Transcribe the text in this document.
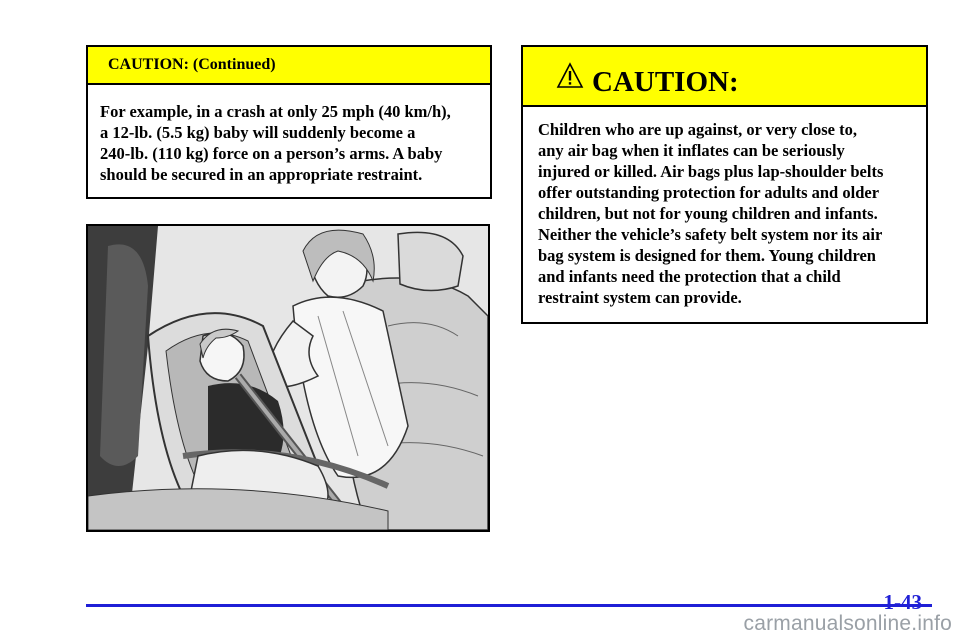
CAUTION: (Continued)
For example, in a crash at only 25 mph (40 km/h),
a 12-lb. (5.5 kg) baby will suddenly become a
240-lb. (110 kg) force on a person’s arms. A baby
should be secured in an appropriate restraint.
CAUTION:
Children who are up against, or very close to,
any air bag when it inflates can be seriously
injured or killed. Air bags plus lap-shoulder belts
offer outstanding protection for adults and older
children, but not for young children and infants.
Neither the vehicle’s safety belt system nor its air
bag system is designed for them. Young children
and infants need the protection that a child
restraint system can provide.
1-43
carmanualsonline.info
